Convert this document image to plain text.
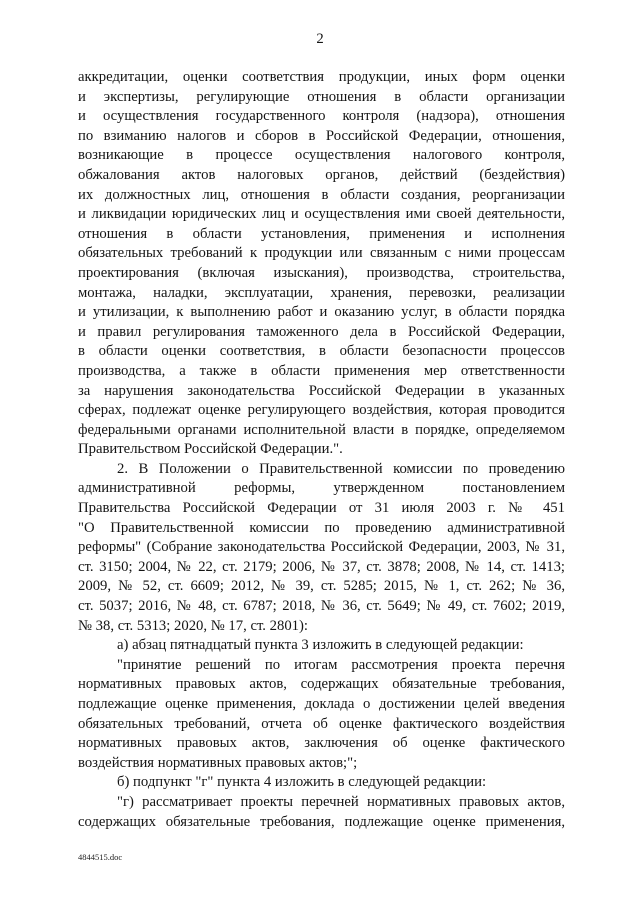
2
аккредитации, оценки соответствия продукции, иных форм оценки
и экспертизы, регулирующие отношения в области организации
и осуществления государственного контроля (надзора), отношения
по взиманию налогов и сборов в Российской Федерации, отношения,
возникающие в процессе осуществления налогового контроля,
обжалования актов налоговых органов, действий (бездействия)
их должностных лиц, отношения в области создания, реорганизации
и ликвидации юридических лиц и осуществления ими своей деятельности,
отношения в области установления, применения и исполнения
обязательных требований к продукции или связанным с ними процессам
проектирования (включая изыскания), производства, строительства,
монтажа, наладки, эксплуатации, хранения, перевозки, реализации
и утилизации, к выполнению работ и оказанию услуг, в области порядка
и правил регулирования таможенного дела в Российской Федерации,
в области оценки соответствия, в области безопасности процессов
производства, а также в области применения мер ответственности
за нарушения законодательства Российской Федерации в указанных
сферах, подлежат оценке регулирующего воздействия, которая проводится
федеральными органами исполнительной власти в порядке, определяемом
Правительством Российской Федерации.".
2. В Положении о Правительственной комиссии по проведению
административной реформы, утвержденном постановлением
Правительства Российской Федерации от 31 июля 2003 г. № 451
"О Правительственной комиссии по проведению административной
реформы" (Собрание законодательства Российской Федерации, 2003, № 31,
ст. 3150; 2004, № 22, ст. 2179; 2006, № 37, ст. 3878; 2008, № 14, ст. 1413;
2009, № 52, ст. 6609; 2012, № 39, ст. 5285; 2015, № 1, ст. 262; № 36,
ст. 5037; 2016, № 48, ст. 6787; 2018, № 36, ст. 5649; № 49, ст. 7602; 2019,
№ 38, ст. 5313; 2020, № 17, ст. 2801):
а) абзац пятнадцатый пункта 3 изложить в следующей редакции:
"принятие решений по итогам рассмотрения проекта перечня
нормативных правовых актов, содержащих обязательные требования,
подлежащие оценке применения, доклада о достижении целей введения
обязательных требований, отчета об оценке фактического воздействия
нормативных правовых актов, заключения об оценке фактического
воздействия нормативных правовых актов;";
б) подпункт "г" пункта 4 изложить в следующей редакции:
"г) рассматривает проекты перечней нормативных правовых актов,
содержащих обязательные требования, подлежащие оценке применения,
4844515.doc
